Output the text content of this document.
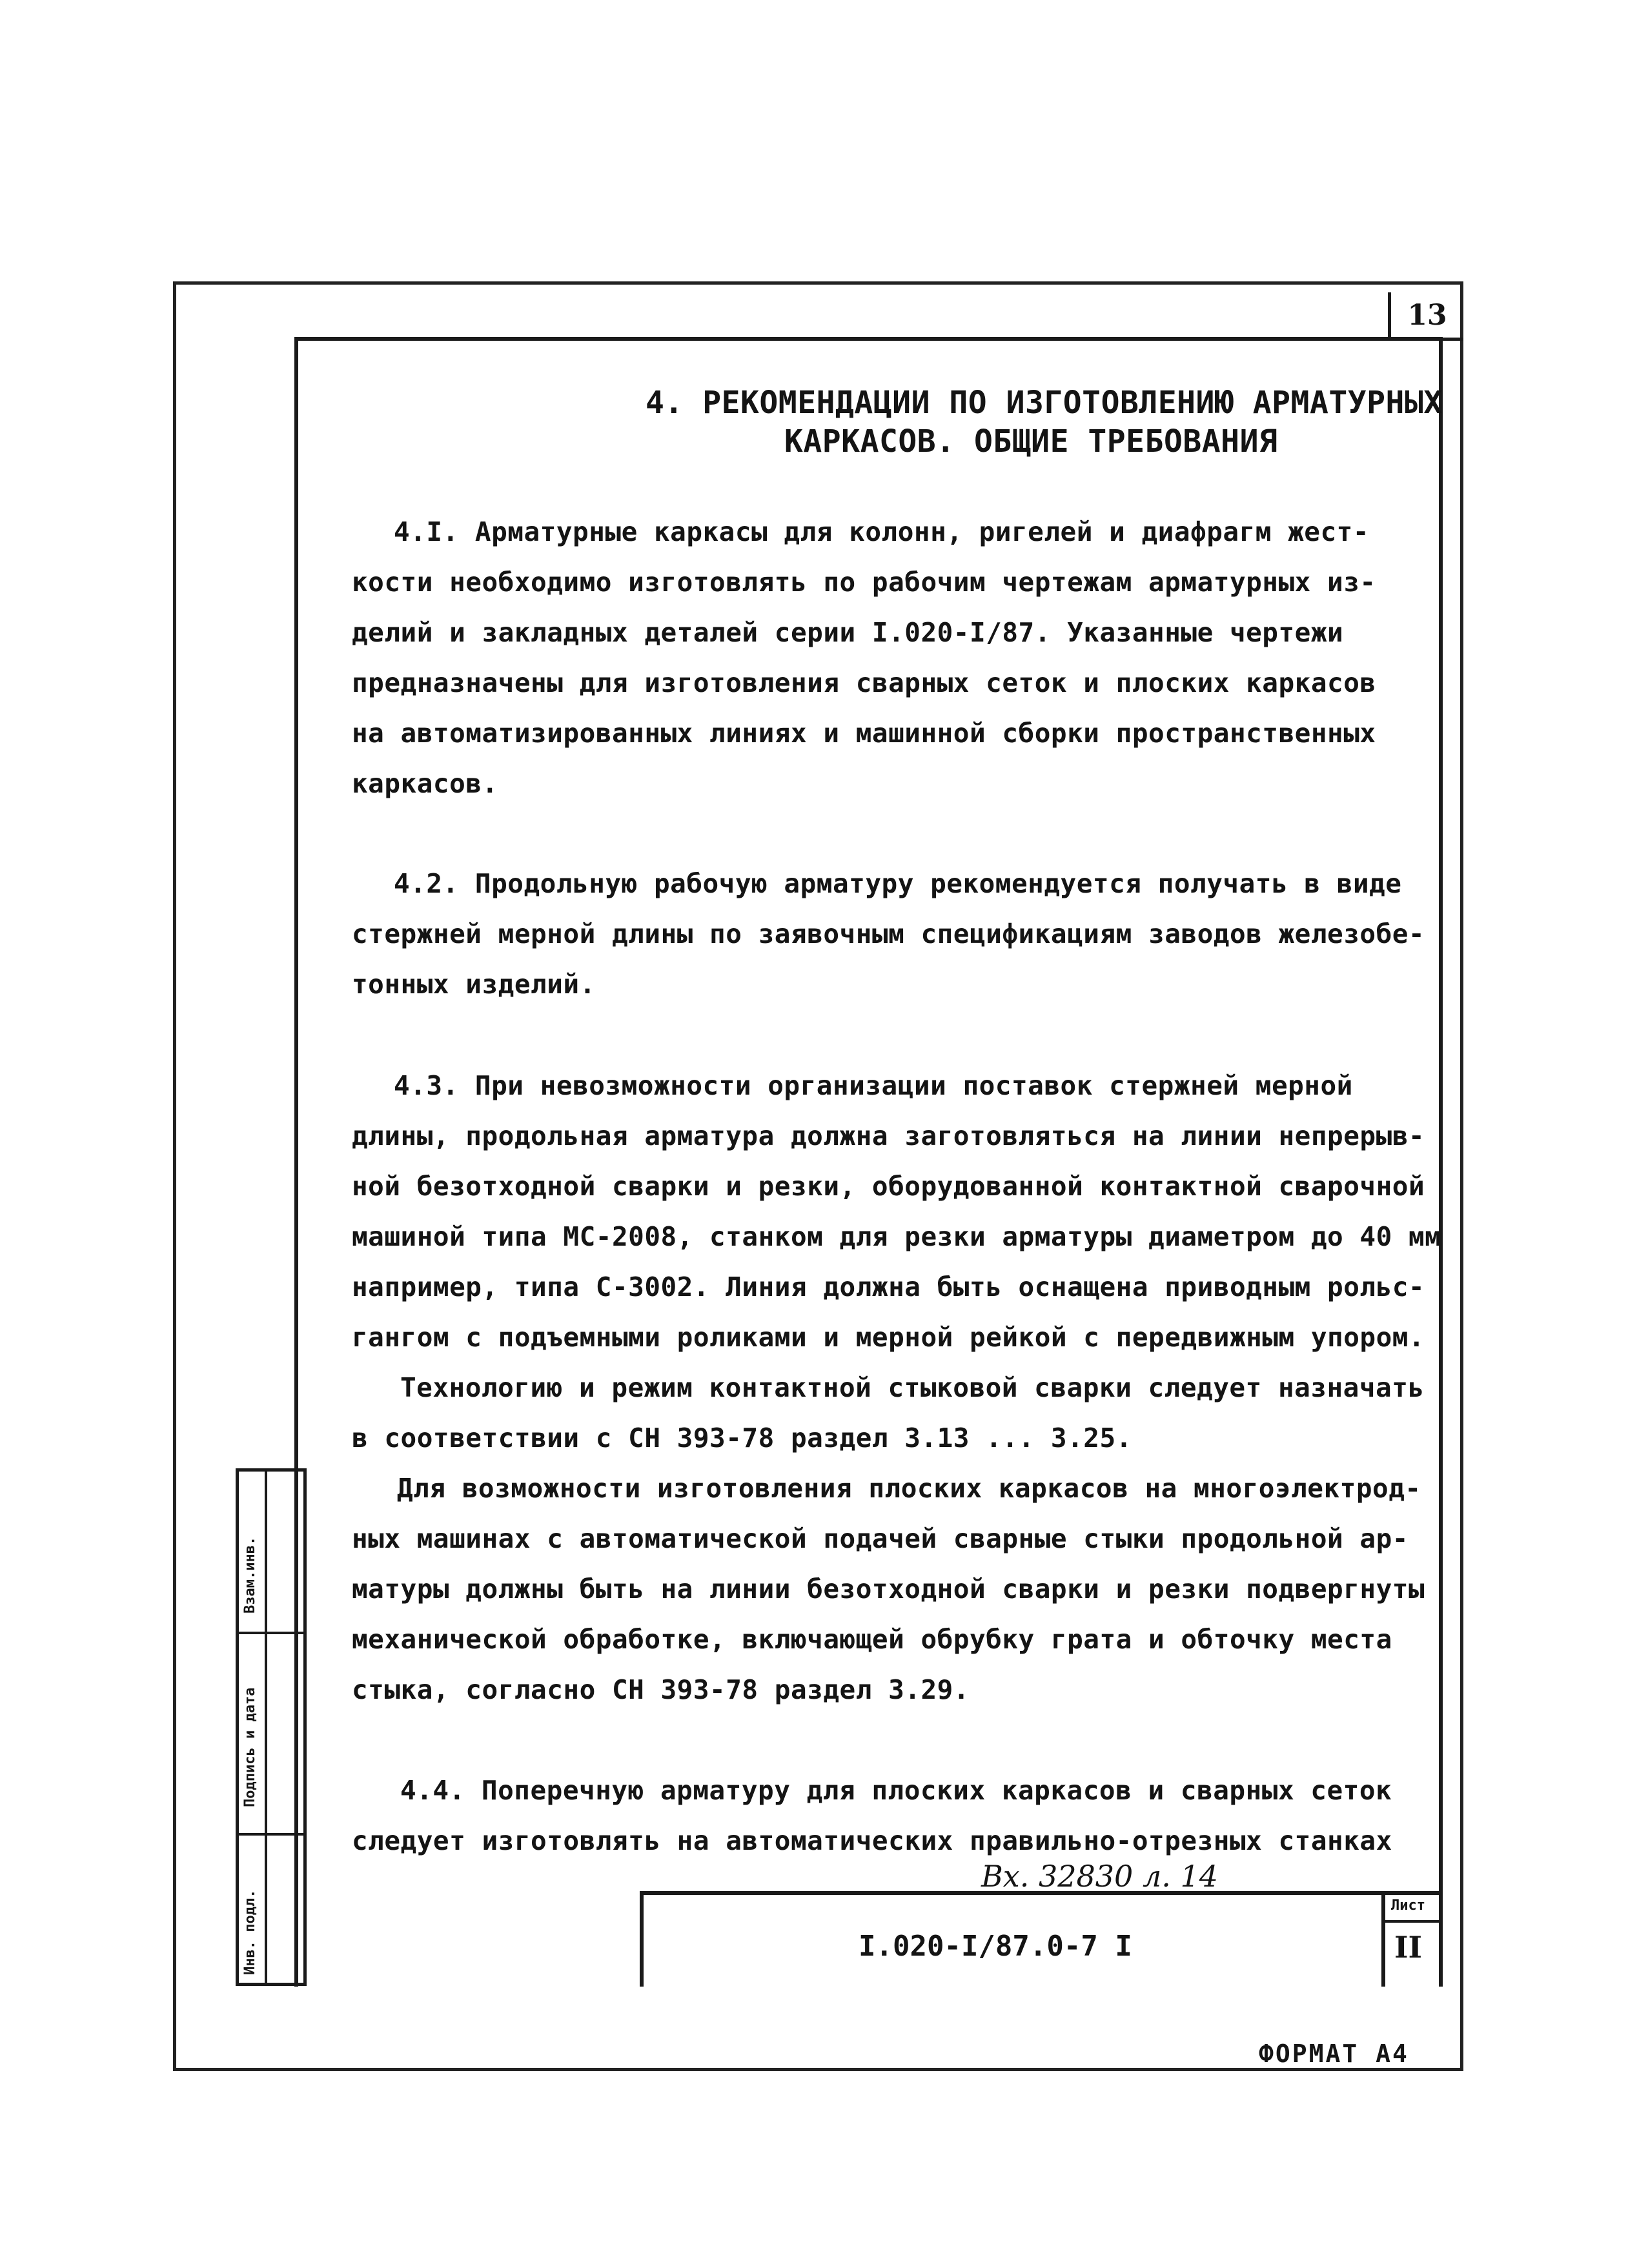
13
4. РЕКОМЕНДАЦИИ ПО ИЗГОТОВЛЕНИЮ АРМАТУРНЫХ
КАРКАСОВ. ОБЩИЕ ТРЕБОВАНИЯ
4.I. Арматурные каркасы для колонн, ригелей и диафрагм жест-
кости необходимо изготовлять по рабочим чертежам арматурных из-
делий и закладных деталей серии I.020-I/87. Указанные чертежи
предназначены для изготовления сварных сеток и плоских каркасов
на автоматизированных линиях и машинной сборки пространственных
каркасов.
4.2. Продольную рабочую арматуру рекомендуется получать в виде
стержней мерной длины по заявочным спецификациям заводов железобе-
тонных изделий.
4.3. При невозможности организации поставок стержней мерной
длины, продольная арматура должна заготовляться на линии непрерыв-
ной безотходной сварки и резки, оборудованной контактной сварочной
машиной типа МС-2008, станком для резки арматуры диаметром до 40 мм
например, типа С-3002. Линия должна быть оснащена приводным рольс-
гангом с подъемными роликами и мерной рейкой с передвижным упором.
Технологию и режим контактной стыковой сварки следует назначать
в соответствии с СН 393-78 раздел 3.13 ... 3.25.
Для возможности изготовления плоских каркасов на многоэлектрод-
ных машинах с автоматической подачей сварные стыки продольной ар-
матуры должны быть на линии безотходной сварки и резки подвергнуты
механической обработке, включающей обрубку грата и обточку места
стыка, согласно СН 393-78 раздел 3.29.
4.4. Поперечную арматуру для плоских каркасов и сварных сеток
следует изготовлять на автоматических правильно-отрезных станках
Вх. 32830 л. 14
I.020-I/87.0-7 I
Лист
II
Взам.инв.
Подпись и дата
Инв. подл.
ФОРМАТ А4
